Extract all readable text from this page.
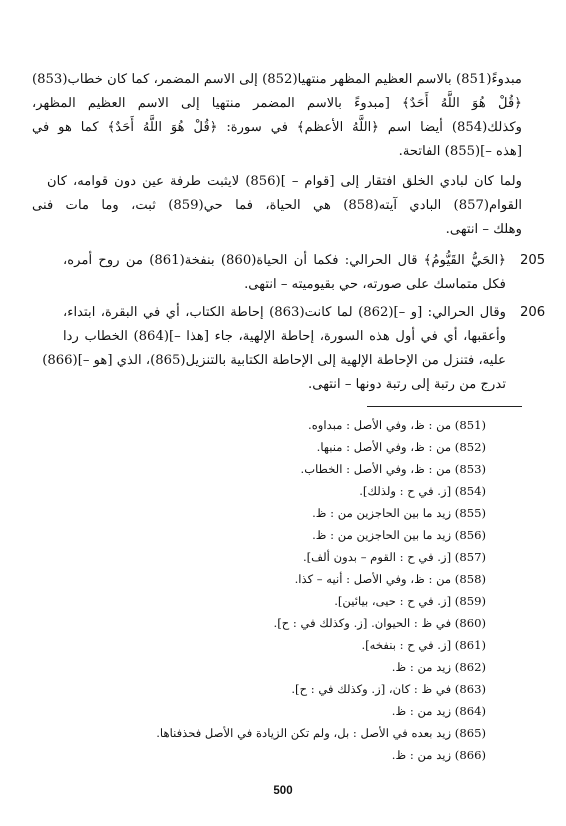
مبدوءً(851) بالاسم العظيم المظهر منتهيا(852) إلى الاسم المضمر، كما كان خطاب(853)
﴿قُلْ هُوَ اللَّهُ أَحَدٌ﴾ [مبدوءً بالاسم المضمر منتهيا إلى الاسم العظيم المظهر،
وكذلك(854) أيضا اسم ﴿اللَّهُ الأعظم﴾ في سورة: ﴿قُلْ هُوَ اللَّهُ أَحَدٌ﴾ كما هو في
[هذه –](855) الفاتحة.
ولما كان لبادي الخلق افتقار إلى [قوام – ](856) لايثبت طرفة عين دون قوامه، كان
القوام(857) البادي آيته(858) هي الحياة، فما حي(859) ثبت، وما مات فنى
وهلك – انتهى.
205
﴿الحَيُّ القَيُّومُ﴾ قال الحرالي: فكما أن الحياة(860) بنفخة(861) من روح أمره،
فكل متماسك على صورته، حي بقيوميته – انتهى.
206
وقال الحرالي: [و –](862) لما كانت(863) إحاطة الكتاب، أي في البقرة، ابتداء،
وأعقبها، أي في أول هذه السورة، إحاطة الإلهية، جاء [هذا –](864) الخطاب ردا
عليه، فتنزل من الإحاطة الإلهية إلى الإحاطة الكتابية بالتنزيل(865)، الذي [هو –](866)
تدرج من رتبة إلى رتبة دونها – انتهى.
(851) من : ظ، وفي الأصل : مبداوه.
(852) من : ظ، وفي الأصل : منبها.
(853) من : ظ، وفي الأصل : الخطاب.
(854) [ز. في ح : ولذلك].
(855) زيد ما بين الحاجزين من : ظ.
(856) زيد ما بين الحاجزين من : ظ.
(857) [ز. في ح : القوم – بدون ألف].
(858) من : ظ، وفي الأصل : أنيه – كذا.
(859) [ز. في ح : حيى، بيائين].
(860) في ظ : الحيوان. [ز. وكذلك في : ح].
(861) [ز. في ح : بنفخه].
(862) زيد من : ظ.
(863) في ظ : كان، [ز. وكذلك في : ح].
(864) زيد من : ظ.
(865) زيد بعده في الأصل : بل، ولم تكن الزيادة في الأصل فحذفناها.
(866) زيد من : ظ.
500
